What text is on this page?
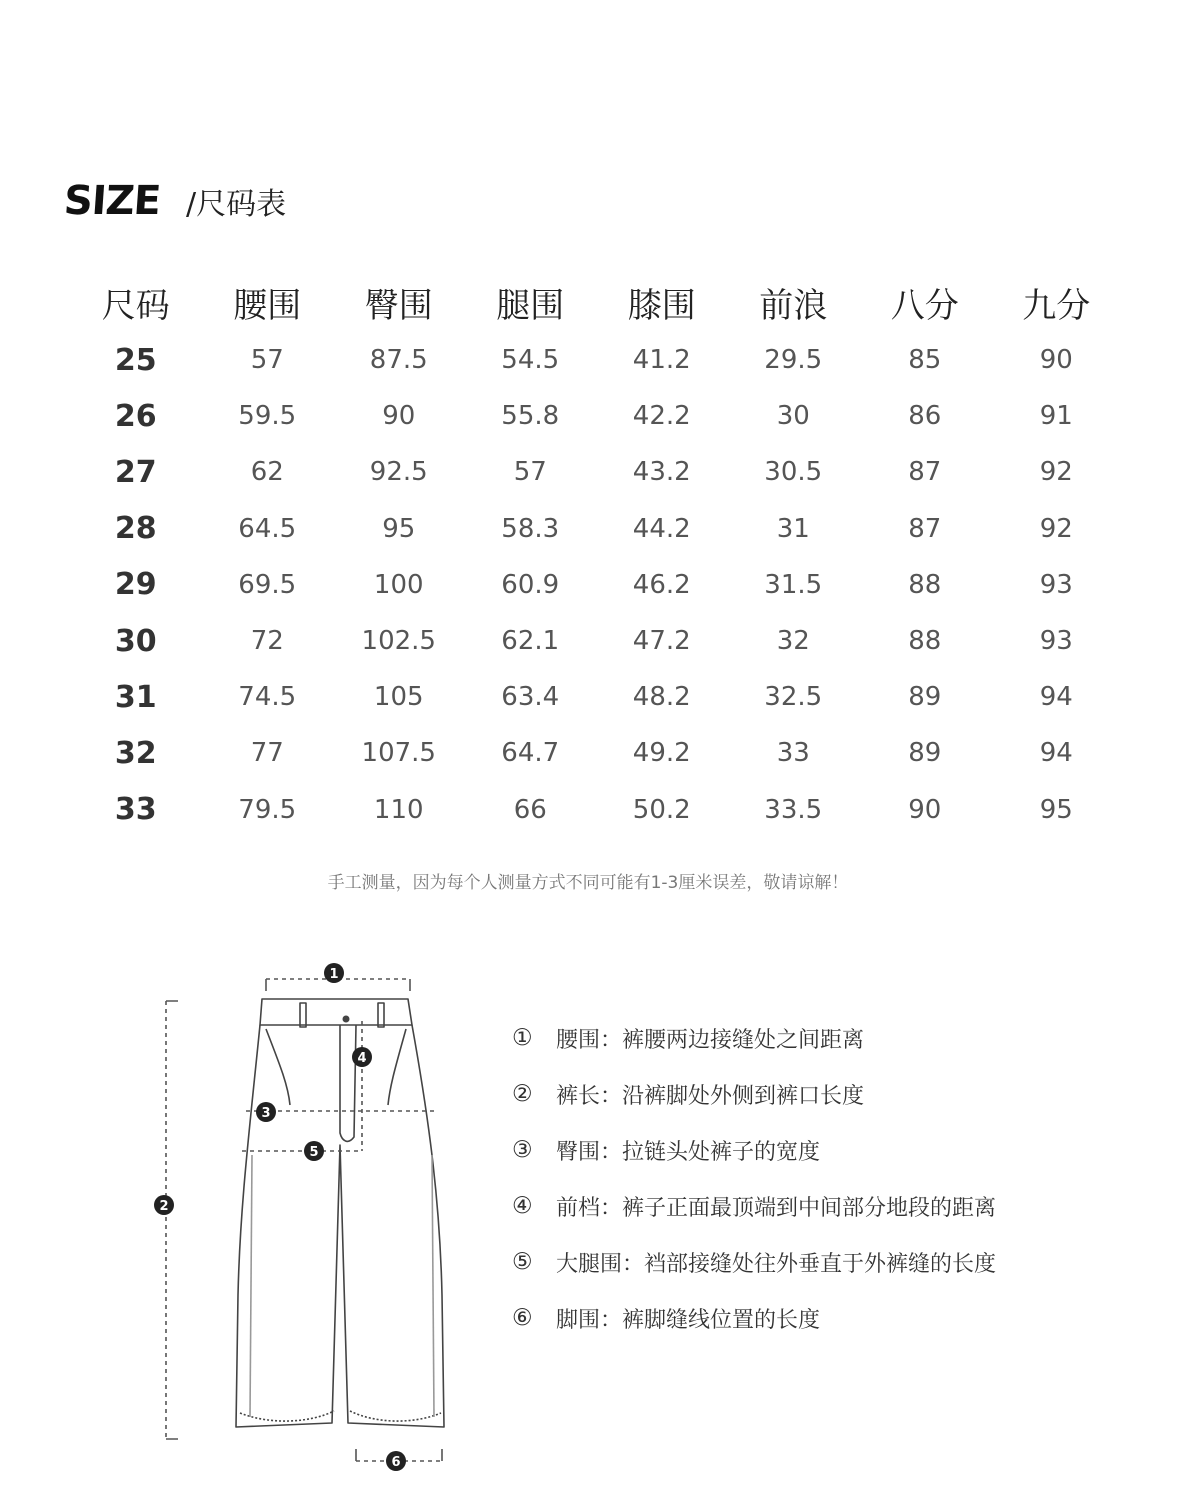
SIZE /尺码表
尺码	腰围	臀围	腿围	膝围	前浪	八分	九分
25	57	87.5	54.5	41.2	29.5	85	90
26	59.5	90	55.8	42.2	30	86	91
27	62	92.5	57	43.2	30.5	87	92
28	64.5	95	58.3	44.2	31	87	92
29	69.5	100	60.9	46.2	31.5	88	93
30	72	102.5	62.1	47.2	32	88	93
31	74.5	105	63.4	48.2	32.5	89	94
32	77	107.5	64.7	49.2	33	89	94
33	79.5	110	66	50.2	33.5	90	95
手工测量，因为每个人测量方式不同可能有1-3厘米误差，敬请谅解！
1
2
3
4
5
6
①	腰围：裤腰两边接缝处之间距离
②	裤长：沿裤脚处外侧到裤口长度
③	臀围：拉链头处裤子的宽度
④	前档：裤子正面最顶端到中间部分地段的距离
⑤	大腿围：裆部接缝处往外垂直于外裤缝的长度
⑥	脚围：裤脚缝线位置的长度
